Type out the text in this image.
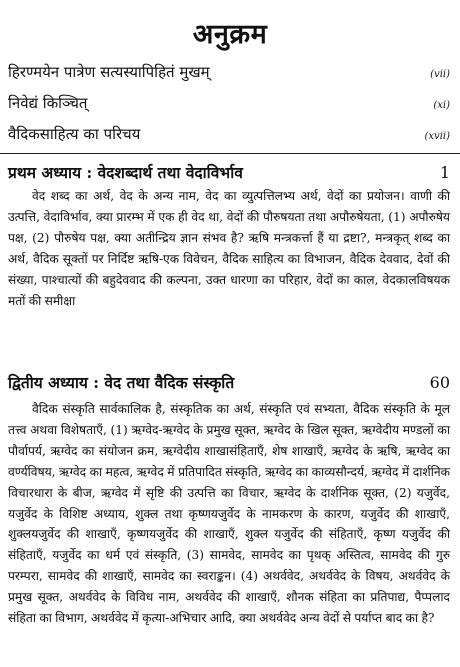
अनुक्रम
हिरण्मयेन पात्रेण सत्यस्यापिहितं मुखम्	(vii)
निवेद्यं किञ्चित्	(xi)
वैदिकसाहित्य का परिचय	(xvii)
प्रथम अध्याय : वेदशब्दार्थ तथा वेदाविर्भाव	1
वेद शब्द का अर्थ, वेद के अन्य नाम, वेद का व्युत्पत्तिलभ्य अर्थ, वेदों का प्रयोजन। वाणी की उत्पत्ति, वेदाविर्भाव, क्या प्रारम्भ में एक ही वेद था, वेदों की पौरुषयता तथा अपौरुषेयता, (1) अपौरुषेय पक्ष, (2) पौरुषेय पक्ष, क्या अतीन्द्रिय ज्ञान संभव है? ऋषि मन्त्रकर्त्ता हैं या द्रष्टा?, मन्त्रकृत् शब्द का अर्थ, वैदिक सूक्तों पर निर्दिष्ट ऋषि-एक विवेचन, वैदिक साहित्य का विभाजन, वैदिक देववाद, देवों की संख्या, पाश्चात्यों की बहुदेववाद की कल्पना, उक्त धारणा का परिहार, वेदों का काल, वेदकालविषयक मतों की समीक्षा
द्वितीय अध्याय : वेद तथा वैदिक संस्कृति	60
वैदिक संस्कृति सार्वकालिक है, संस्कृतिक का अर्थ, संस्कृति एवं सभ्यता, वैदिक संस्कृति के मूल तत्त्व अथवा विशेषताएँ, (1) ऋग्वेद-ऋग्वेद के प्रमुख सूक्त, ऋग्वेद के खिल सूक्त, ऋग्वेदीय मण्डलों का पौर्वापर्य, ऋग्वेद का संयोजन क्रम, ऋग्वेदीय शाखासंहिताएँ, शेष शाखाएँ, ऋग्वेद के ऋषि, ऋग्वेद का वर्ण्यविषय, ऋग्वेद का महत्व, ऋग्वेद में प्रतिपादित संस्कृति, ऋग्वेद का काव्यसौन्दर्य, ऋग्वेद में दार्शनिक विचारधारा के बीज, ऋग्वेद में सृष्टि की उत्पत्ति का विचार, ऋग्वेद के दार्शनिक सूक्त, (2) यजुर्वेद, यजुर्वेद के विशिष्ट अध्याय, शुक्ल तथा कृष्णयजुर्वेद के नामकरण के कारण, यजुर्वेद की शाखाएँ, शुक्लयजुर्वेद की शाखाएँ, कृष्णयजुर्वेद की शाखाएँ, शुक्ल यजुर्वेद की संहिताएँ, कृष्ण यजुर्वेद की संहिताएँ, यजुर्वेद का धर्म एवं संस्कृति, (3) सामवेद, सामवेद का पृथक् अस्तित्व, सामवेद की गुरु परम्परा, सामवेद की शाखाएँ, सामवेद का स्वराङ्कन। (4) अथर्ववेद, अथर्ववेद के विषय, अथर्ववेद के प्रमुख सूक्त, अथर्ववेद के विविध नाम, अथर्ववेद की शाखाएँ, शौनक संहिता का प्रतिपाद्य, पैप्पलाद संहिता का विभाग, अथर्ववेद में कृत्या-अभिचार आदि, क्या अथर्ववेद अन्य वेदों से पर्याप्त बाद का है?
